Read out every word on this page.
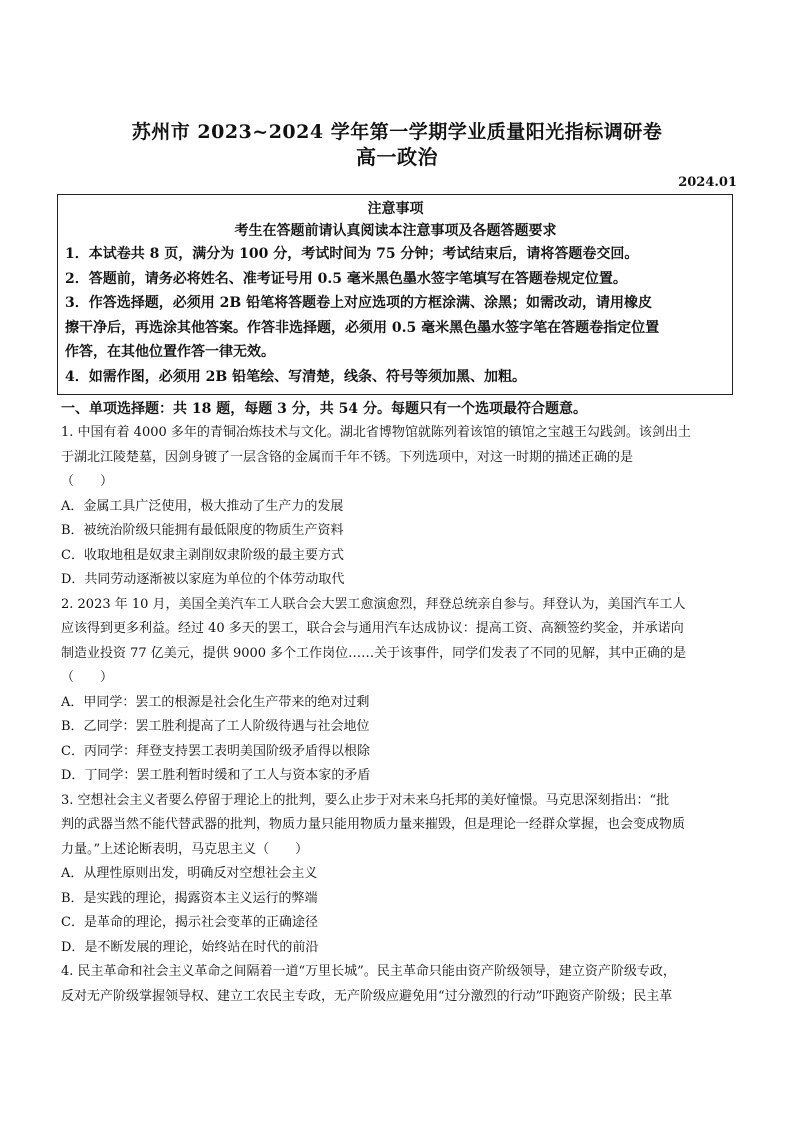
苏州市 2023~2024 学年第一学期学业质量阳光指标调研卷
高一政治
2024.01
注意事项
考生在答题前请认真阅读本注意事项及各题答题要求
1．本试卷共 8 页，满分为 100 分，考试时间为 75 分钟；考试结束后，请将答题卷交回。
2．答题前，请务必将姓名、准考证号用 0.5 毫米黑色墨水签字笔填写在答题卷规定位置。
3．作答选择题，必须用 2B 铅笔将答题卷上对应选项的方框涂满、涂黑；如需改动，请用橡皮
擦干净后，再选涂其他答案。作答非选择题，必须用 0.5 毫米黑色墨水签字笔在答题卷指定位置
作答，在其他位置作答一律无效。
4．如需作图，必须用 2B 铅笔绘、写清楚，线条、符号等须加黑、加粗。
一、单项选择题：共 18 题，每题 3 分，共 54 分。每题只有一个选项最符合题意。
1. 中国有着 4000 多年的青铜冶炼技术与文化。湖北省博物馆就陈列着该馆的镇馆之宝越王勾践剑。该剑出土
于湖北江陵楚墓，因剑身镀了一层含铬的金属而千年不锈。下列选项中，对这一时期的描述正确的是
（　　）
A．金属工具广泛使用，极大推动了生产力的发展
B．被统治阶级只能拥有最低限度的物质生产资料
C．收取地租是奴隶主剥削奴隶阶级的最主要方式
D．共同劳动逐渐被以家庭为单位的个体劳动取代
2. 2023 年 10 月，美国全美汽车工人联合会大罢工愈演愈烈，拜登总统亲自参与。拜登认为，美国汽车工人
应该得到更多利益。经过 40 多天的罢工，联合会与通用汽车达成协议：提高工资、高额签约奖金，并承诺向
制造业投资 77 亿美元，提供 9000 多个工作岗位……关于该事件，同学们发表了不同的见解，其中正确的是
（　　）
A．甲同学：罢工的根源是社会化生产带来的绝对过剩
B．乙同学：罢工胜利提高了工人阶级待遇与社会地位
C．丙同学：拜登支持罢工表明美国阶级矛盾得以根除
D．丁同学：罢工胜利暂时缓和了工人与资本家的矛盾
3. 空想社会主义者要么停留于理论上的批判，要么止步于对未来乌托邦的美好憧憬。马克思深刻指出：“批
判的武器当然不能代替武器的批判，物质力量只能用物质力量来摧毁，但是理论一经群众掌握，也会变成物质
力量。”上述论断表明，马克思主义（　　）
A．从理性原则出发，明确反对空想社会主义
B．是实践的理论，揭露资本主义运行的弊端
C．是革命的理论，揭示社会变革的正确途径
D．是不断发展的理论，始终站在时代的前沿
4. 民主革命和社会主义革命之间隔着一道“万里长城”。民主革命只能由资产阶级领导，建立资产阶级专政，
反对无产阶级掌握领导权、建立工农民主专政，无产阶级应避免用“过分激烈的行动”吓跑资产阶级；民主革
